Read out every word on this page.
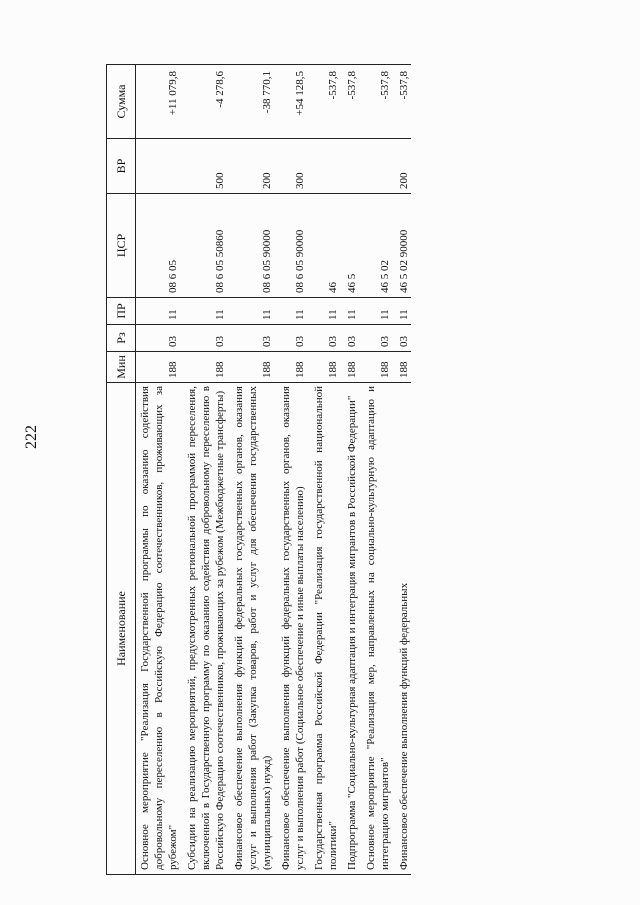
222
Наименование	Мин	Рз	ПР	ЦСР	ВР	Сумма
Основное мероприятие "Реализация Государственной программы по оказанию содействия добровольному переселению в Российскую Федерацию соотечественников, проживающих за рубежом"	188	03	11	08 6 05		+11 079,8
Субсидии на реализацию мероприятий, предусмотренных региональной программой переселения, включенной в Государственную программу по оказанию содействия добровольному переселению в Российскую Федерацию соотечественников, проживающих за рубежом (Межбюджетные трансферты)	188	03	11	08 6 05 50860	500	-4 278,6
Финансовое обеспечение выполнения функций федеральных государственных органов, оказания услуг и выполнения работ (Закупка товаров, работ и услуг для обеспечения государственных (муниципальных) нужд)	188	03	11	08 6 05 90000	200	-38 770,1
Финансовое обеспечение выполнения функций федеральных государственных органов, оказания услуг и выполнения работ (Социальное обеспечение и иные выплаты населению)	188	03	11	08 6 05 90000	300	+54 128,5
Государственная программа Российской Федерации "Реализация государственной национальной политики"	188	03	11	46		-537,8
Подпрограмма "Социально-культурная адаптация и интеграция мигрантов в Российской Федерации"	188	03	11	46 5		-537,8
Основное мероприятие "Реализация мер, направленных на социально-культурную адаптацию и интеграцию мигрантов"	188	03	11	46 5 02		-537,8
Финансовое обеспечение выполнения функций федеральных	188	03	11	46 5 02 90000	200	-537,8
